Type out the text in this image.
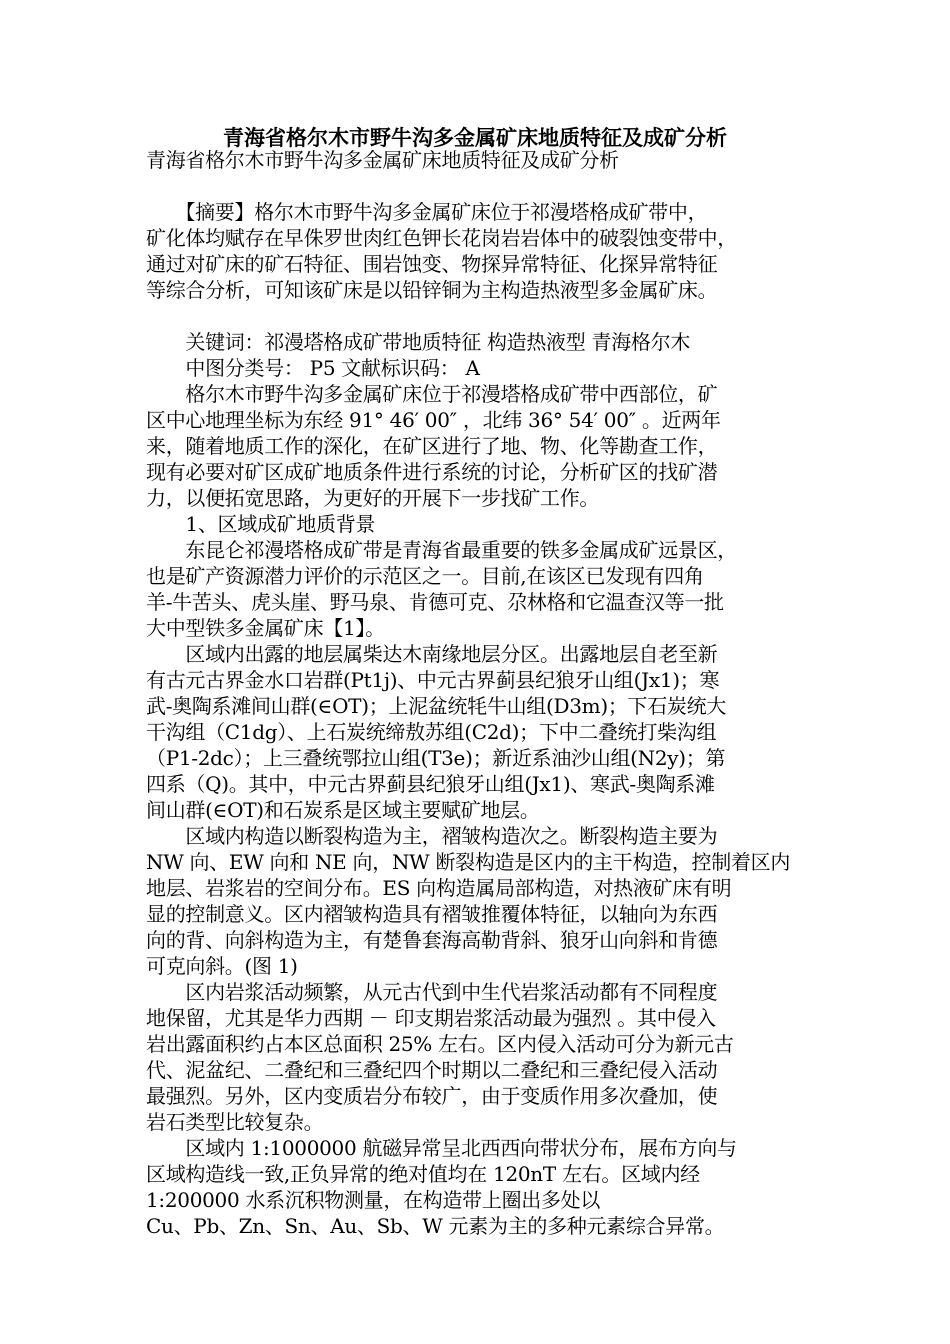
青海省格尔木市野牛沟多金属矿床地质特征及成矿分析
青海省格尔木市野牛沟多金属矿床地质特征及成矿分析
　　【摘要】格尔木市野牛沟多金属矿床位于祁漫塔格成矿带中，
矿化体均赋存在早侏罗世肉红色钾长花岗岩岩体中的破裂蚀变带中，
通过对矿床的矿石特征、围岩蚀变、物探异常特征、化探异常特征
等综合分析，可知该矿床是以铅锌铜为主构造热液型多金属矿床。
　　关键词：祁漫塔格成矿带地质特征 构造热液型 青海格尔木
　　中图分类号： P5 文献标识码： A
　　格尔木市野牛沟多金属矿床位于祁漫塔格成矿带中西部位，矿
区中心地理坐标为东经 91° 46′ 00″ ，北纬 36° 54′ 00″ 。近两年
来，随着地质工作的深化，在矿区进行了地、物、化等勘查工作，
现有必要对矿区成矿地质条件进行系统的讨论，分析矿区的找矿潜
力，以便拓宽思路，为更好的开展下一步找矿工作。
　　1、区域成矿地质背景
　　东昆仑祁漫塔格成矿带是青海省最重要的铁多金属成矿远景区，
也是矿产资源潜力评价的示范区之一。目前,在该区已发现有四角
羊-牛苦头、虎头崖、野马泉、肯德可克、尕林格和它温查汉等一批
大中型铁多金属矿床【1】。
　　区域内出露的地层属柴达木南缘地层分区。出露地层自老至新
有古元古界金水口岩群(Pt1j)、中元古界蓟县纪狼牙山组(Jx1)；寒
武-奥陶系滩间山群(∈OT)；上泥盆统牦牛山组(D3m)；下石炭统大
干沟组（C1dg）、上石炭统缔敖苏组(C2d)；下中二叠统打柴沟组
（P1-2dc）；上三叠统鄂拉山组(T3e)；新近系油沙山组(N2y)；第
四系（Q)。其中，中元古界蓟县纪狼牙山组(Jx1)、寒武-奥陶系滩
间山群(∈OT)和石炭系是区域主要赋矿地层。
　　区域内构造以断裂构造为主，褶皱构造次之。断裂构造主要为
NW 向、EW 向和 NE 向，NW 断裂构造是区内的主干构造，控制着区内
地层、岩浆岩的空间分布。ES 向构造属局部构造，对热液矿床有明
显的控制意义。区内褶皱构造具有褶皱推覆体特征，以轴向为东西
向的背、向斜构造为主，有楚鲁套海高勒背斜、狼牙山向斜和肯德
可克向斜。(图 1)
　　区内岩浆活动频繁，从元古代到中生代岩浆活动都有不同程度
地保留，尤其是华力西期 － 印支期岩浆活动最为强烈 。其中侵入
岩出露面积约占本区总面积 25% 左右。区内侵入活动可分为新元古
代、泥盆纪、二叠纪和三叠纪四个时期以二叠纪和三叠纪侵入活动
最强烈。另外，区内变质岩分布较广，由于变质作用多次叠加，使
岩石类型比较复杂。
　　区域内 1:1000000 航磁异常呈北西西向带状分布，展布方向与
区域构造线一致,正负异常的绝对值均在 120nT 左右。区域内经
1:200000 水系沉积物测量，在构造带上圈出多处以
Cu、Pb、Zn、Sn、Au、Sb、W 元素为主的多种元素综合异常。
